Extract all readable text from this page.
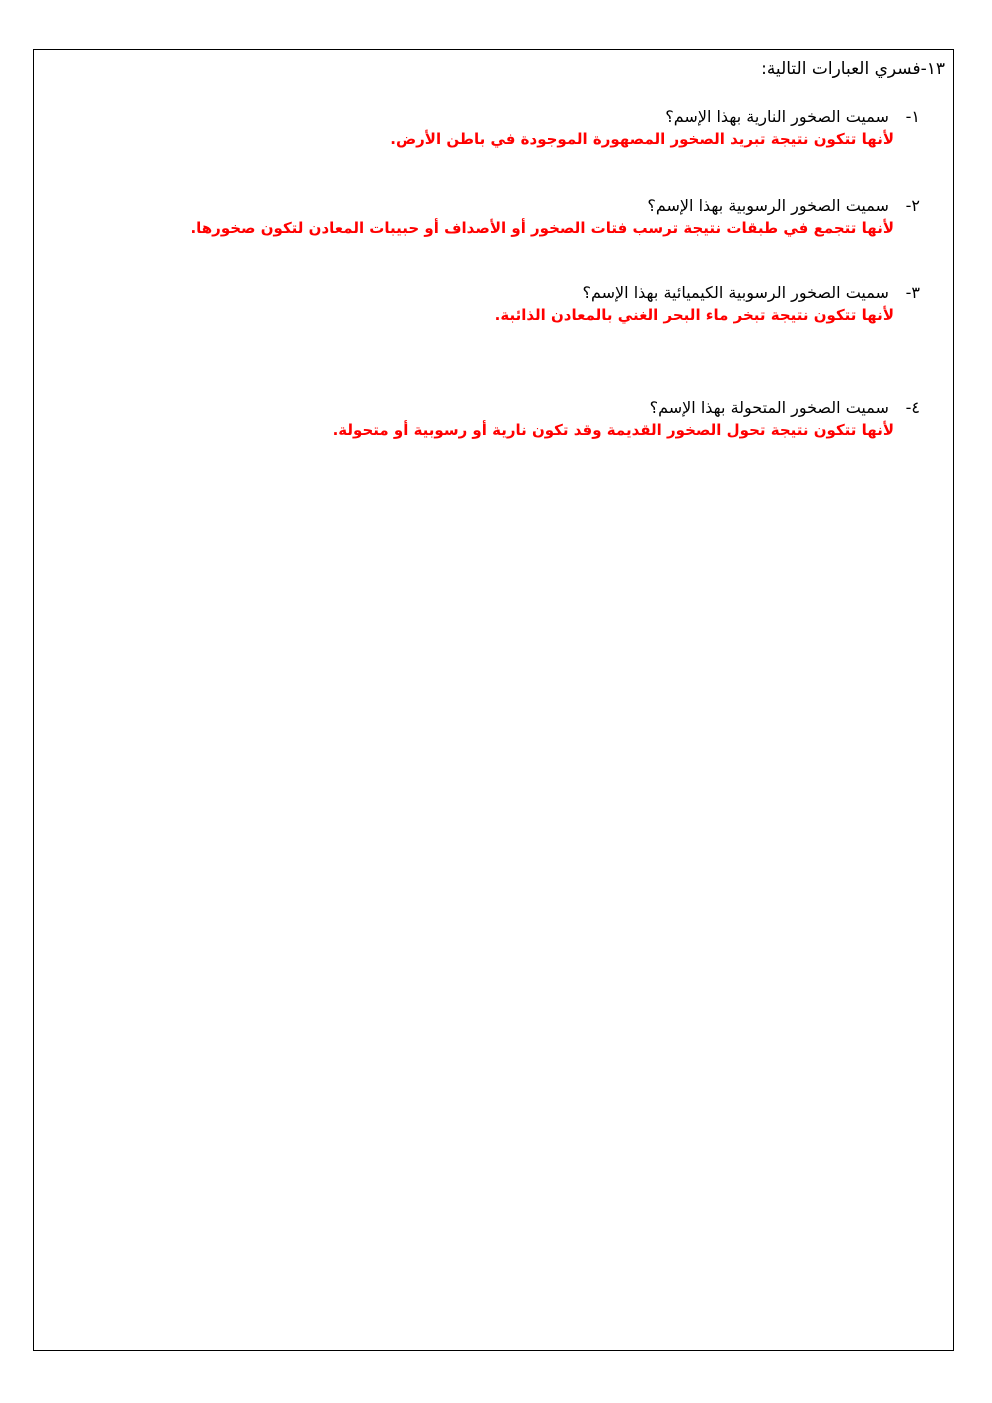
١٣-فسري العبارات التالية:
١- سميت الصخور النارية بهذا الإسم؟
لأنها تتكون نتيجة تبريد الصخور المصهورة الموجودة في باطن الأرض.
٢- سميت الصخور الرسوبية بهذا الإسم؟
لأنها تتجمع في طبقات نتيجة ترسب فتات الصخور أو الأصداف أو حبيبات المعادن لتكون صخورها.
٣- سميت الصخور الرسوبية الكيميائية بهذا الإسم؟
لأنها تتكون نتيجة تبخر ماء البحر الغني بالمعادن الذائبة.
٤- سميت الصخور المتحولة بهذا الإسم؟
لأنها تتكون نتيجة تحول الصخور القديمة وقد تكون نارية أو رسوبية أو متحولة.
